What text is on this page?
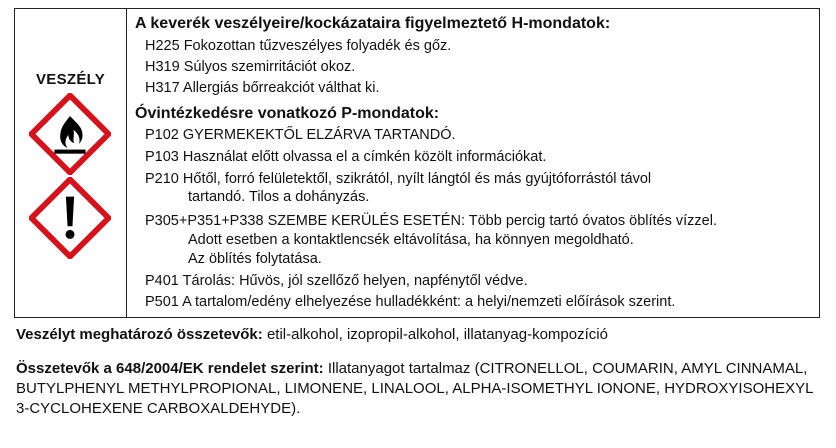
VESZÉLY
A keverék veszélyeire/kockázataira figyelmeztető H-mondatok:
H225 Fokozottan tűzveszélyes folyadék és gőz.
H319 Súlyos szemirritációt okoz.
H317 Allergiás bőrreakciót válthat ki.
Óvintézkedésre vonatkozó P-mondatok:
P102 GYERMEKEKTŐL ELZÁRVA TARTANDÓ.
P103 Használat előtt olvassa el a címkén közölt információkat.
P210 Hőtől, forró felületektől, szikrától, nyílt lángtól és más gyújtóforrástól távol
tartandó. Tilos a dohányzás.
P305+P351+P338 SZEMBE KERÜLÉS ESETÉN: Több percig tartó óvatos öblítés vízzel.
Adott esetben a kontaktlencsék eltávolítása, ha könnyen megoldható.
Az öblítés folytatása.
P401 Tárolás: Hűvös, jól szellőző helyen, napfénytől védve.
P501 A tartalom/edény elhelyezése hulladékként: a helyi/nemzeti előírások szerint.
Veszélyt meghatározó összetevők: etil-alkohol, izopropil-alkohol, illatanyag-kompozíció
Összetevők a 648/2004/EK rendelet szerint: Illatanyagot tartalmaz (CITRONELLOL, COUMARIN, AMYL CINNAMAL, BUTYLPHENYL METHYLPROPIONAL, LIMONENE, LINALOOL, ALPHA-ISOMETHYL IONONE, HYDROXYISOHEXYL 3-CYCLOHEXENE CARBOXALDEHYDE).
